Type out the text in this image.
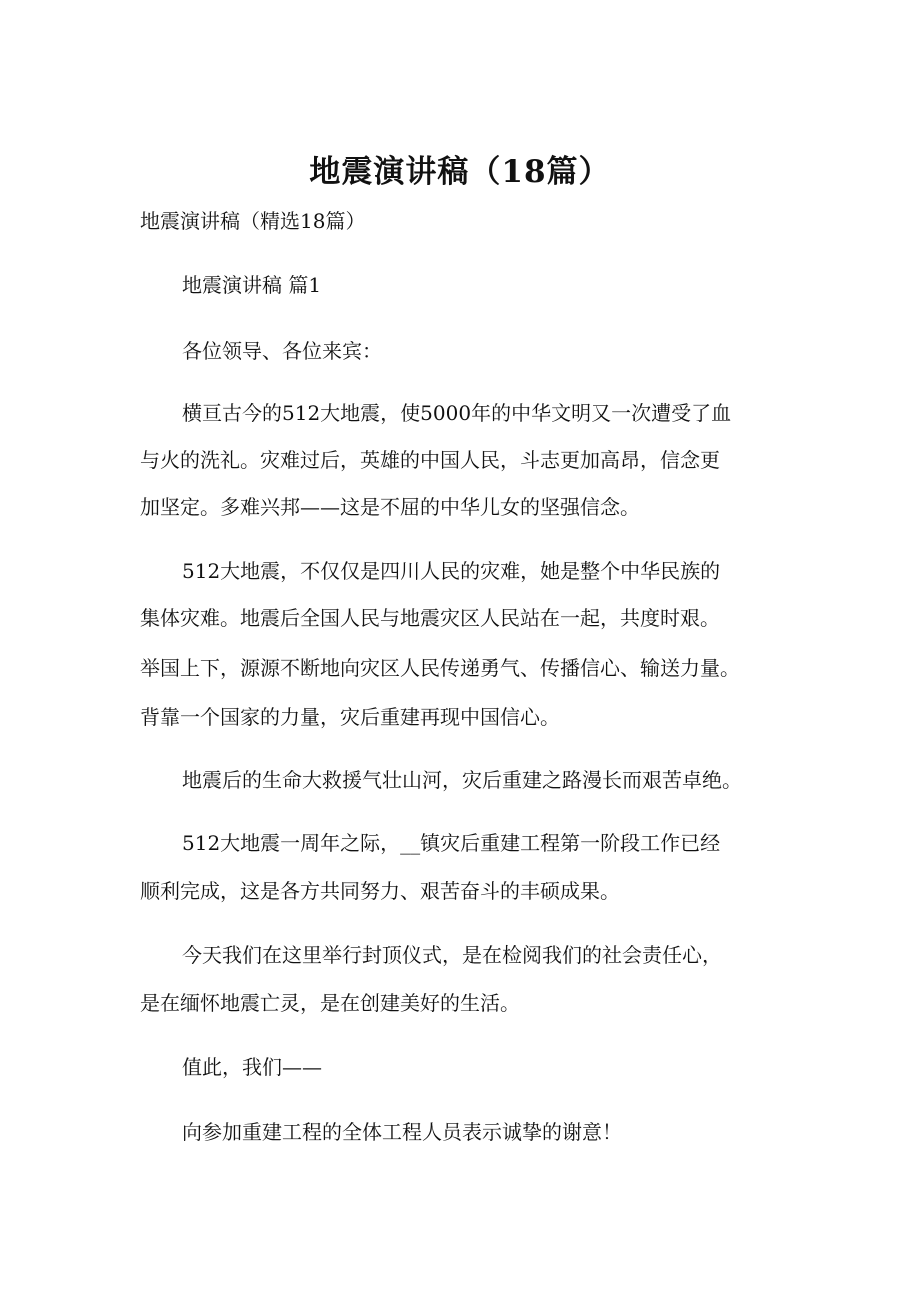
地震演讲稿（18篇）
地震演讲稿（精选18篇）
地震演讲稿 篇1
各位领导、各位来宾：
横亘古今的512大地震，使5000年的中华文明又一次遭受了血
与火的洗礼。灾难过后，英雄的中国人民，斗志更加高昂，信念更
加坚定。多难兴邦——这是不屈的中华儿女的坚强信念。
512大地震，不仅仅是四川人民的灾难，她是整个中华民族的
集体灾难。地震后全国人民与地震灾区人民站在一起，共度时艰。
举国上下，源源不断地向灾区人民传递勇气、传播信心、输送力量。
背靠一个国家的力量，灾后重建再现中国信心。
地震后的生命大救援气壮山河，灾后重建之路漫长而艰苦卓绝。
512大地震一周年之际，__镇灾后重建工程第一阶段工作已经
顺利完成，这是各方共同努力、艰苦奋斗的丰硕成果。
今天我们在这里举行封顶仪式，是在检阅我们的社会责任心，
是在缅怀地震亡灵，是在创建美好的生活。
值此，我们——
向参加重建工程的全体工程人员表示诚挚的谢意！
